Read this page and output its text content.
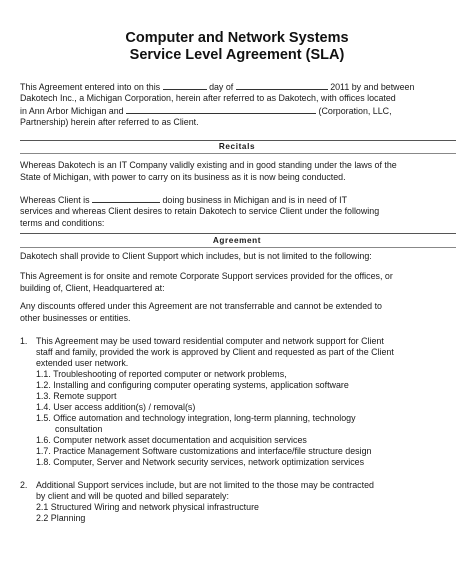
Computer and Network Systems
Service Level Agreement (SLA)
This Agreement entered into on this	day of	2011 by and between
Dakotech Inc., a Michigan Corporation, herein after referred to as Dakotech, with offices located
in Ann Arbor Michigan and	(Corporation, LLC,
Partnership) herein after referred to as Client.
Recitals
Whereas Dakotech is an IT Company validly existing and in good standing under the laws of the
State of Michigan, with power to carry on its business as it is now being conducted.
Whereas Client is	doing business in Michigan and is in need of IT
services and whereas Client desires to retain Dakotech to service Client under the following
terms and conditions:
Agreement
Dakotech shall provide to Client Support which includes, but is not limited to the following:
This Agreement is for onsite and remote Corporate Support services provided for the offices, or
building of, Client, Headquartered at:
Any discounts offered under this Agreement are not transferrable and cannot be extended to
other businesses or entities.
1. This Agreement may be used toward residential computer and network support for Client
staff and family, provided the work is approved by Client and requested as part of the Client
extended user network.
1.1. Troubleshooting of reported computer or network problems,
1.2. Installing and configuring computer operating systems, application software
1.3. Remote support
1.4. User access addition(s) / removal(s)
1.5. Office automation and technology integration, long-term planning, technology
consultation
1.6. Computer network asset documentation and acquisition services
1.7. Practice Management Software customizations and interface/file structure design
1.8. Computer, Server and Network security services, network optimization services
2. Additional Support services include, but are not limited to the those may be contracted
by client and will be quoted and billed separately:
2.1 Structured Wiring and network physical infrastructure
2.2 Planning
